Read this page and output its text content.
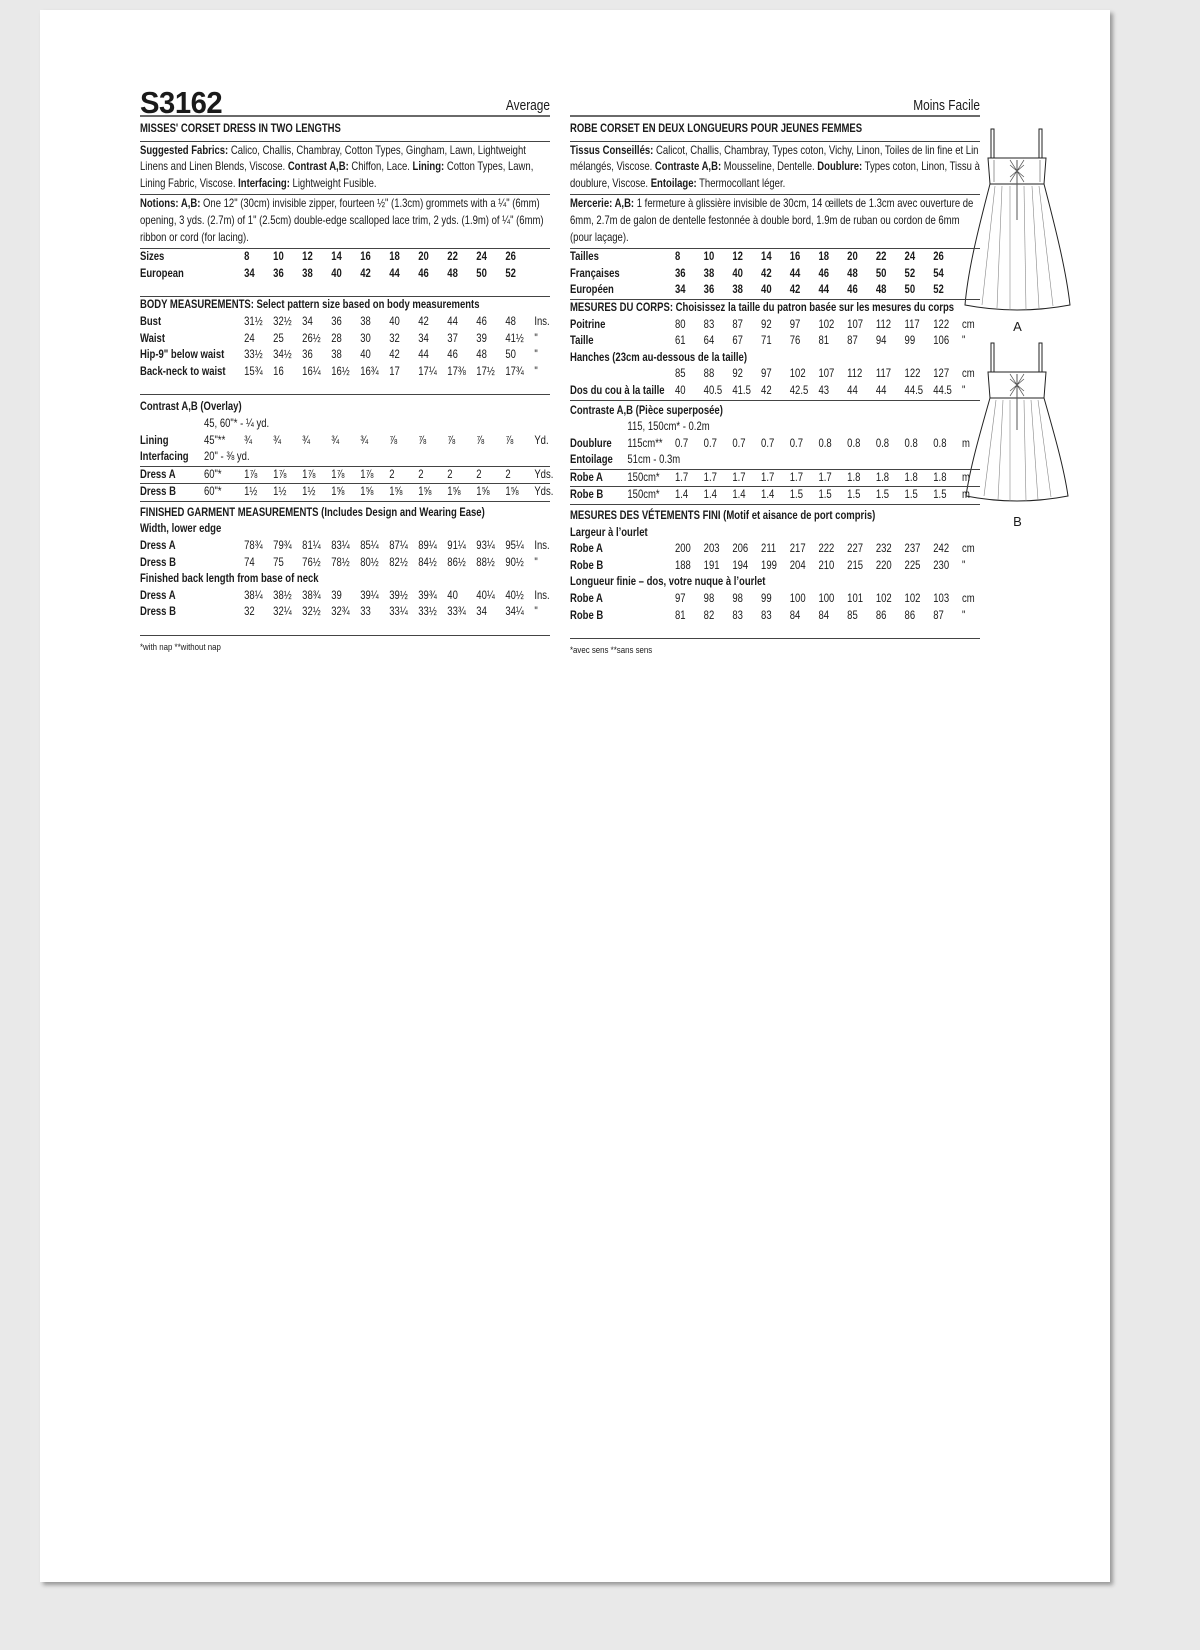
S3162	Average
MISSES' CORSET DRESS IN TWO LENGTHS
Suggested Fabrics: Calico, Challis, Chambray, Cotton Types, Gingham, Lawn, Lightweight Linens and Linen Blends, Viscose. Contrast A,B: Chiffon, Lace. Lining: Cotton Types, Lawn, Lining Fabric, Viscose. Interfacing: Lightweight Fusible.
Notions: A,B: One 12" (30cm) invisible zipper, fourteen ½" (1.3cm) grommets with a ¼" (6mm) opening, 3 yds. (2.7m) of 1" (2.5cm) double-edge scalloped lace trim, 2 yds. (1.9m) of ¼" (6mm) ribbon or cord (for lacing).
Sizes	8	10	12	14	16	18	20	22	24	26
European	34	36	38	40	42	44	46	48	50	52
BODY MEASUREMENTS: Select pattern size based on body measurements
Bust	31½ 32½ 34	36	38	40	42	44	46	48	Ins.
Waist	24	25	26½ 28	30	32	34	37	39	41½ "
Hip-9" below waist	33½ 34½ 36	38	40	42	44	46	48	50	"
Back-neck to waist	15¾ 16	16¼ 16½ 16¾ 17	17¼ 17⅜ 17½ 17¾ "
Contrast A,B (Overlay)
45, 60"* - ¼ yd.
Lining	45"**	¾	¾	¾	¾	¾	⅞	⅞	⅞	⅞	⅞	Yd.
Interfacing	20" - ⅜ yd.
Dress A	60"*	1⅞	1⅞	1⅞	1⅞	1⅞	2	2	2	2	2	Yds.
Dress B	60"*	1½	1½	1½	1⅝	1⅝	1⅝	1⅝	1⅝	1⅝	1⅝	Yds.
FINISHED GARMENT MEASUREMENTS (Includes Design and Wearing Ease)
Width, lower edge
Dress A	78¾ 79¾ 81¼ 83¼ 85¼ 87¼ 89¼ 91¼ 93¼ 95¼ Ins.
Dress B	74	75	76½ 78½ 80½ 82½ 84½ 86½ 88½ 90½ "
Finished back length from base of neck
Dress A	38¼ 38½ 38¾ 39	39¼ 39½ 39¾ 40	40¼ 40½ Ins.
Dress B	32	32¼ 32½ 32¾ 33	33¼ 33½ 33¾ 34	34¼ "
*with nap **without nap
Moins Facile
ROBE CORSET EN DEUX LONGUEURS POUR JEUNES FEMMES
Tissus Conseillés: Calicot, Challis, Chambray, Types coton, Vichy, Linon, Toiles de lin fine et Lin mélangés, Viscose. Contraste A,B: Mousseline, Dentelle. Doublure: Types coton, Linon, Tissu à doublure, Viscose. Entoilage: Thermocollant léger.
Mercerie: A,B: 1 fermeture à glissière invisible de 30cm, 14 œillets de 1.3cm avec ouverture de 6mm, 2.7m de galon de dentelle festonnée à double bord, 1.9m de ruban ou cordon de 6mm (pour laçage).
Tailles	8	10	12	14	16	18	20	22	24	26
Françaises	36	38	40	42	44	46	48	50	52	54
Européen	34	36	38	40	42	44	46	48	50	52
MESURES DU CORPS: Choisissez la taille du patron basée sur les mesures du corps
Poitrine	80	83	87	92	97	102	107	112	117	122	cm
Taille	61	64	67	71	76	81	87	94	99	106	"
Hanches (23cm au-dessous de la taille)
85	88	92	97	102	107	112	117	122	127	cm
Dos du cou à la taille 40	40.5 41.5 42	42.5 43	44	44	44.5 44.5 "
Contraste A,B (Pièce superposée)
115, 150cm* - 0.2m
Doublure	115cm**	0.7	0.7	0.7	0.7	0.7	0.8	0.8	0.8	0.8	0.8	m
Entoilage	51cm - 0.3m
Robe A	150cm*	1.7	1.7	1.7	1.7	1.7	1.7	1.8	1.8	1.8	1.8	m
Robe B	150cm*	1.4	1.4	1.4	1.4	1.5	1.5	1.5	1.5	1.5	1.5	m
MESURES DES VÉTEMENTS FINI (Motif et aisance de port compris)
Largeur à l’ourlet
Robe A	200	203	206	211	217	222	227	232	237	242	cm
Robe B	188	191	194	199	204	210	215	220	225	230	"
Longueur finie – dos, votre nuque à l’ourlet
Robe A	97	98	98	99	100	100	101	102	102	103	cm
Robe B	81	82	83	83	84	84	85	86	86	87	"
*avec sens **sans sens
A
B
